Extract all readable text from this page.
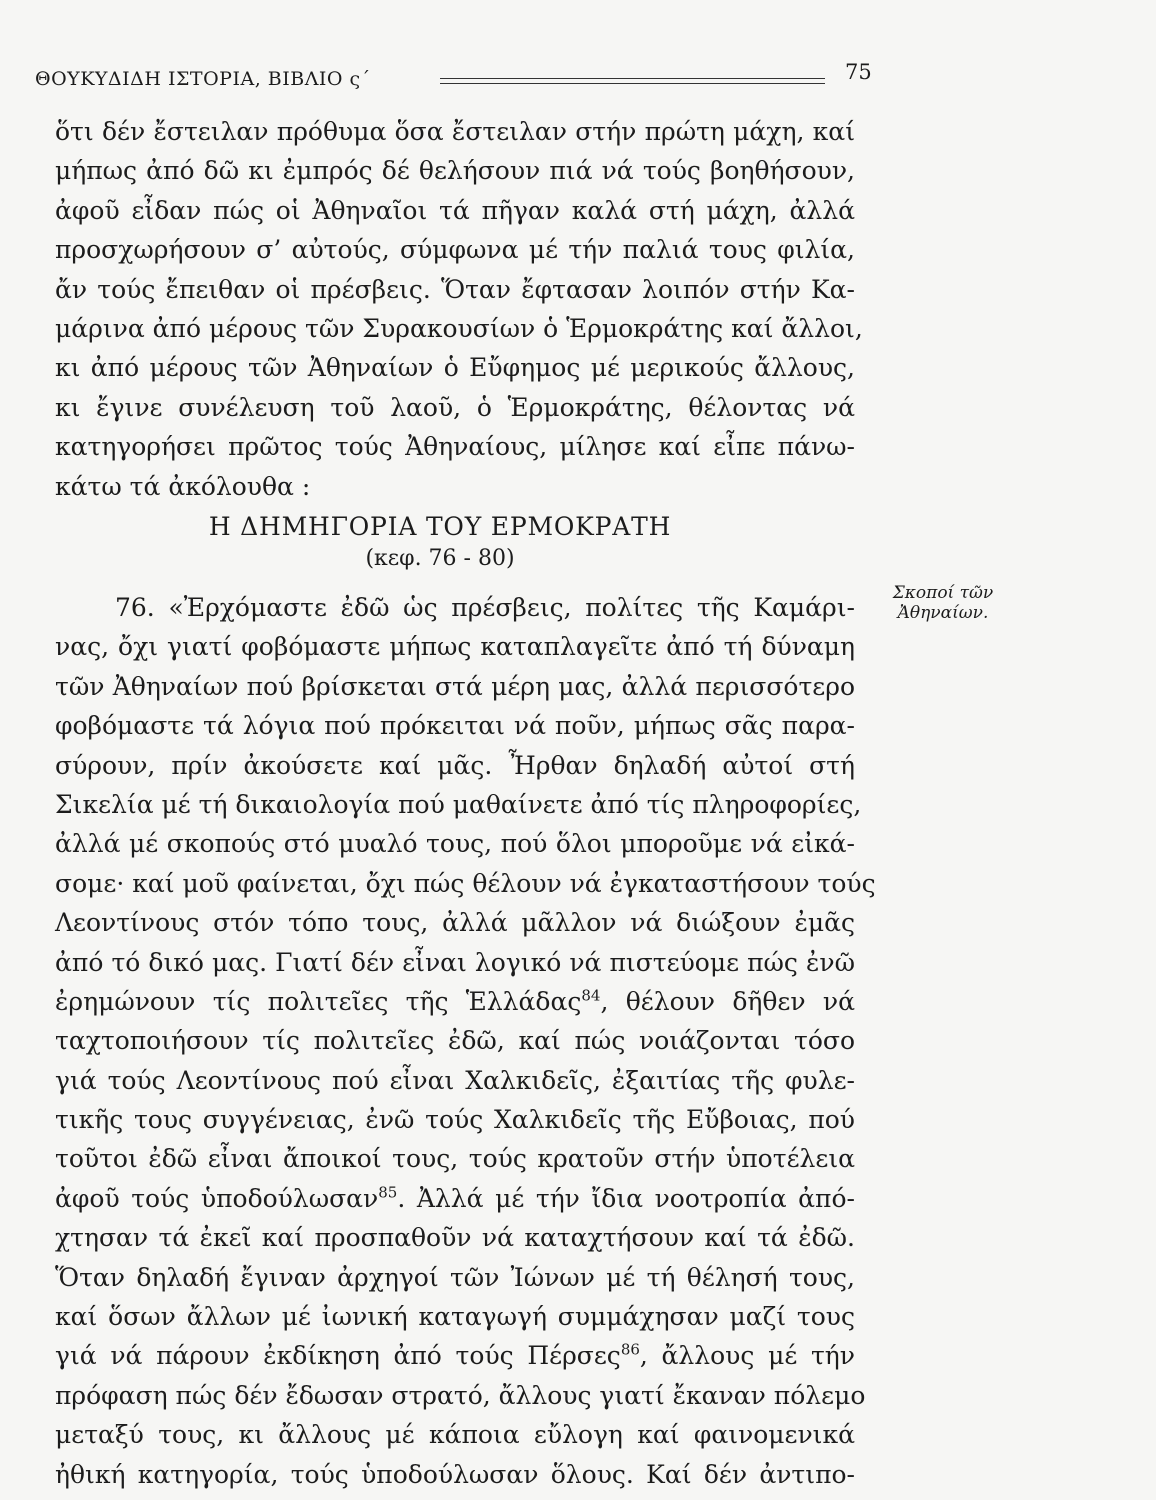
ΘΟΥΚΥΔΙΔΗ ΙΣΤΟΡΙΑ, ΒΙΒΛΙΟ ς΄	75
ὅτι δέν ἔστειλαν πρόθυμα ὅσα ἔστειλαν στήν πρώτη μάχη, καί
μήπως ἀπό δῶ κι ἐμπρός δέ θελήσουν πιά νά τούς βοηθήσουν,
ἀφοῦ εἶδαν πώς οἱ Ἀθηναῖοι τά πῆγαν καλά στή μάχη, ἀλλά
προσχωρήσουν σ’ αὐτούς, σύμφωνα μέ τήν παλιά τους φιλία,
ἄν τούς ἔπειθαν οἱ πρέσβεις. Ὅταν ἔφτασαν λοιπόν στήν Κα-
μάρινα ἀπό μέρους τῶν Συρακουσίων ὁ Ἑρμοκράτης καί ἄλλοι,
κι ἀπό μέρους τῶν Ἀθηναίων ὁ Εὔφημος μέ μερικούς ἄλλους,
κι ἔγινε συνέλευση τοῦ λαοῦ, ὁ Ἑρμοκράτης, θέλοντας νά
κατηγορήσει πρῶτος τούς Ἀθηναίους, μίλησε καί εἶπε πάνω-
κάτω τά ἀκόλουθα :
Η ΔΗΜΗΓΟΡΙΑ ΤΟΥ ΕΡΜΟΚΡΑΤΗ
(κεφ. 76 - 80)
Σκοποί τῶν
Ἀθηναίων.
76. «Ἐρχόμαστε ἐδῶ ὡς πρέσβεις, πολίτες τῆς Καμάρι-
νας, ὄχι γιατί φοβόμαστε μήπως καταπλαγεῖτε ἀπό τή δύναμη
τῶν Ἀθηναίων πού βρίσκεται στά μέρη μας, ἀλλά περισσότερο
φοβόμαστε τά λόγια πού πρόκειται νά ποῦν, μήπως σᾶς παρα-
σύρουν, πρίν ἀκούσετε καί μᾶς. Ἦρθαν δηλαδή αὐτοί στή
Σικελία μέ τή δικαιολογία πού μαθαίνετε ἀπό τίς πληροφορίες,
ἀλλά μέ σκοπούς στό μυαλό τους, πού ὅλοι μποροῦμε νά εἰκά-
σομε· καί μοῦ φαίνεται, ὄχι πώς θέλουν νά ἐγκαταστήσουν τούς
Λεοντίνους στόν τόπο τους, ἀλλά μᾶλλον νά διώξουν ἐμᾶς
ἀπό τό δικό μας. Γιατί δέν εἶναι λογικό νά πιστεύομε πώς ἐνῶ
ἐρημώνουν τίς πολιτεῖες τῆς Ἑλλάδας$^{84}$, θέλουν δῆθεν νά
ταχτοποιήσουν τίς πολιτεῖες ἐδῶ, καί πώς νοιάζονται τόσο
γιά τούς Λεοντίνους πού εἶναι Χαλκιδεῖς, ἐξαιτίας τῆς φυλε-
τικῆς τους συγγένειας, ἐνῶ τούς Χαλκιδεῖς τῆς Εὔβοιας, πού
τοῦτοι ἐδῶ εἶναι ἄποικοί τους, τούς κρατοῦν στήν ὑποτέλεια
ἀφοῦ τούς ὑποδούλωσαν$^{85}$. Ἀλλά μέ τήν ἴδια νοοτροπία ἀπό-
χτησαν τά ἐκεῖ καί προσπαθοῦν νά καταχτήσουν καί τά ἐδῶ.
Ὅταν δηλαδή ἔγιναν ἀρχηγοί τῶν Ἰώνων μέ τή θέλησή τους,
καί ὅσων ἄλλων μέ ἰωνική καταγωγή συμμάχησαν μαζί τους
γιά νά πάρουν ἐκδίκηση ἀπό τούς Πέρσες$^{86}$, ἄλλους μέ τήν
πρόφαση πώς δέν ἔδωσαν στρατό, ἄλλους γιατί ἔκαναν πόλεμο
μεταξύ τους, κι ἄλλους μέ κάποια εὔλογη καί φαινομενικά
ἠθική κατηγορία, τούς ὑποδούλωσαν ὅλους. Καί δέν ἀντιπο-
